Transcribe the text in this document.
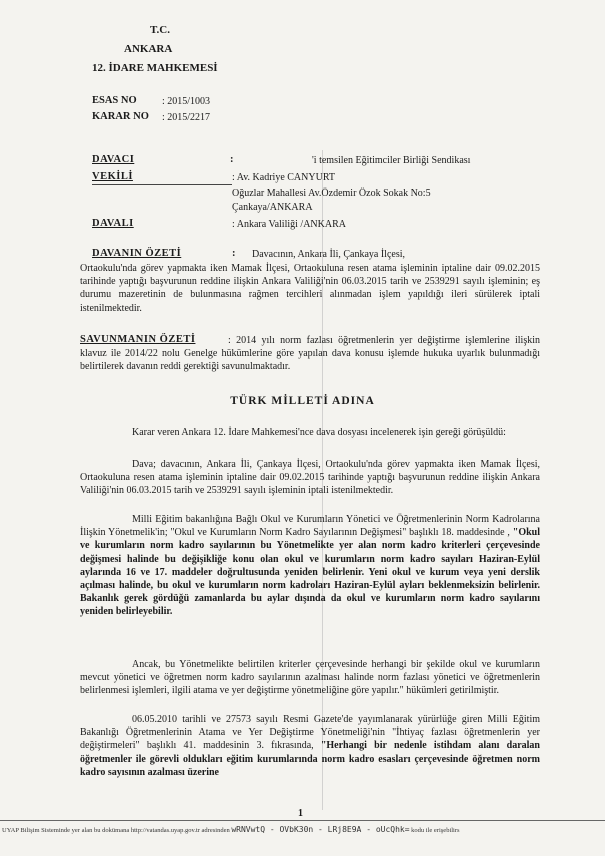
T.C.
ANKARA
12. İDARE MAHKEMESİ
ESAS NO	: 2015/1003
KARAR NO : 2015/2217
DAVACI	:	'i temsilen Eğitimciler Birliği Sendikası
VEKİLİ	: Av. Kadriye CANYURT
Oğuzlar Mahallesi Av.Özdemir Özok Sokak No:5
Çankaya/ANKARA
DAVALI	: Ankara Valiliği /ANKARA
DAVANIN ÖZETİ	: Davacının, Ankara İli, Çankaya İlçesi,

Ortaokulu'nda görev yapmakta iken Mamak İlçesi, Ortaokuluna resen atama işleminin iptaline dair 09.02.2015 tarihinde yaptığı başvurunun reddine ilişkin Ankara Valiliği'nin 06.03.2015 tarih ve 2539291 sayılı işleminin; eş durumu mazeretinin de bulunmasına rağmen tercihleri alınmadan işlem yapıldığı ileri sürülerek iptali istenilmektedir.

SAVUNMANIN ÖZETİ	: 2014 yılı norm fazlası öğretmenlerin yer değiştirme işlemlerine ilişkin klavuz ile 2014/22 nolu Genelge hükümlerine göre yapılan dava konusu işlemde hukuka uyarlık bulunmadığı belirtilerek davanın reddi gerektiği savunulmaktadır.

TÜRK MİLLETİ ADINA

Karar veren Ankara 12. İdare Mahkemesi'nce dava dosyası incelenerek işin gereği görüşüldü:

Dava; davacının, Ankara İli, Çankaya İlçesi, Ortaokulu'nda görev yapmakta iken Mamak İlçesi, Ortaokuluna resen atama işleminin iptaline dair 09.02.2015 tarihinde yaptığı başvurunun reddine ilişkin Ankara Valiliği'nin 06.03.2015 tarih ve 2539291 sayılı işleminin iptali istenilmektedir.

Milli Eğitim bakanlığına Bağlı Okul ve Kurumların Yönetici ve Öğretmenlerinin Norm Kadrolarına İlişkin Yönetmelik'in; "Okul ve Kurumların Norm Kadro Sayılarının Değişmesi" başlıklı 18. maddesinde , "Okul ve kurumların norm kadro sayılarının bu Yönetmelikte yer alan norm kadro kriterleri çerçevesinde değişmesi halinde bu değişikliğe konu olan okul ve kurumların norm kadro sayıları Haziran-Eylül aylarında 16 ve 17. maddeler doğrultusunda yeniden belirlenir. Yeni okul ve kurum veya yeni derslik açılması halinde, bu okul ve kurumların norm kadroları Haziran-Eylül ayları beklenmeksizin belirlenir. Bakanlık gerek gördüğü zamanlarda bu aylar dışında da okul ve kurumların norm kadro sayılarını yeniden belirleyebilir.

Ancak, bu Yönetmelikte belirtilen kriterler çerçevesinde herhangi bir şekilde okul ve kurumların mevcut yönetici ve öğretmen norm kadro sayılarının azalması halinde norm fazlası yönetici ve öğretmenlerin belirlenmesi işlemleri, ilgili atama ve yer değiştirme yönetmeliğine göre yapılır." hükümleri getirilmiştir.

06.05.2010 tarihli ve 27573 sayılı Resmi Gazete'de yayımlanarak yürürlüğe giren Milli Eğitim Bakanlığı Öğretmenlerinin Atama ve Yer Değiştirme Yönetmeliği'nin "İhtiyaç fazlası öğretmenlerin yer değiştirmeleri" başlıklı 41. maddesinin 3. fıkrasında, "Herhangi bir nedenle istihdam alanı daralan öğretmenler ile görevli oldukları eğitim kurumlarında norm kadro esasları çerçevesinde öğretmen norm kadro sayısının azalması üzerine

1
UYAP Bilişim Sisteminde yer alan bu dokümana http://vatandas.uyap.gov.tr adresinden wRNVwtQ - OVbK30n - LRj8E9A - oUcQhk= kodu ile erişebilirs
